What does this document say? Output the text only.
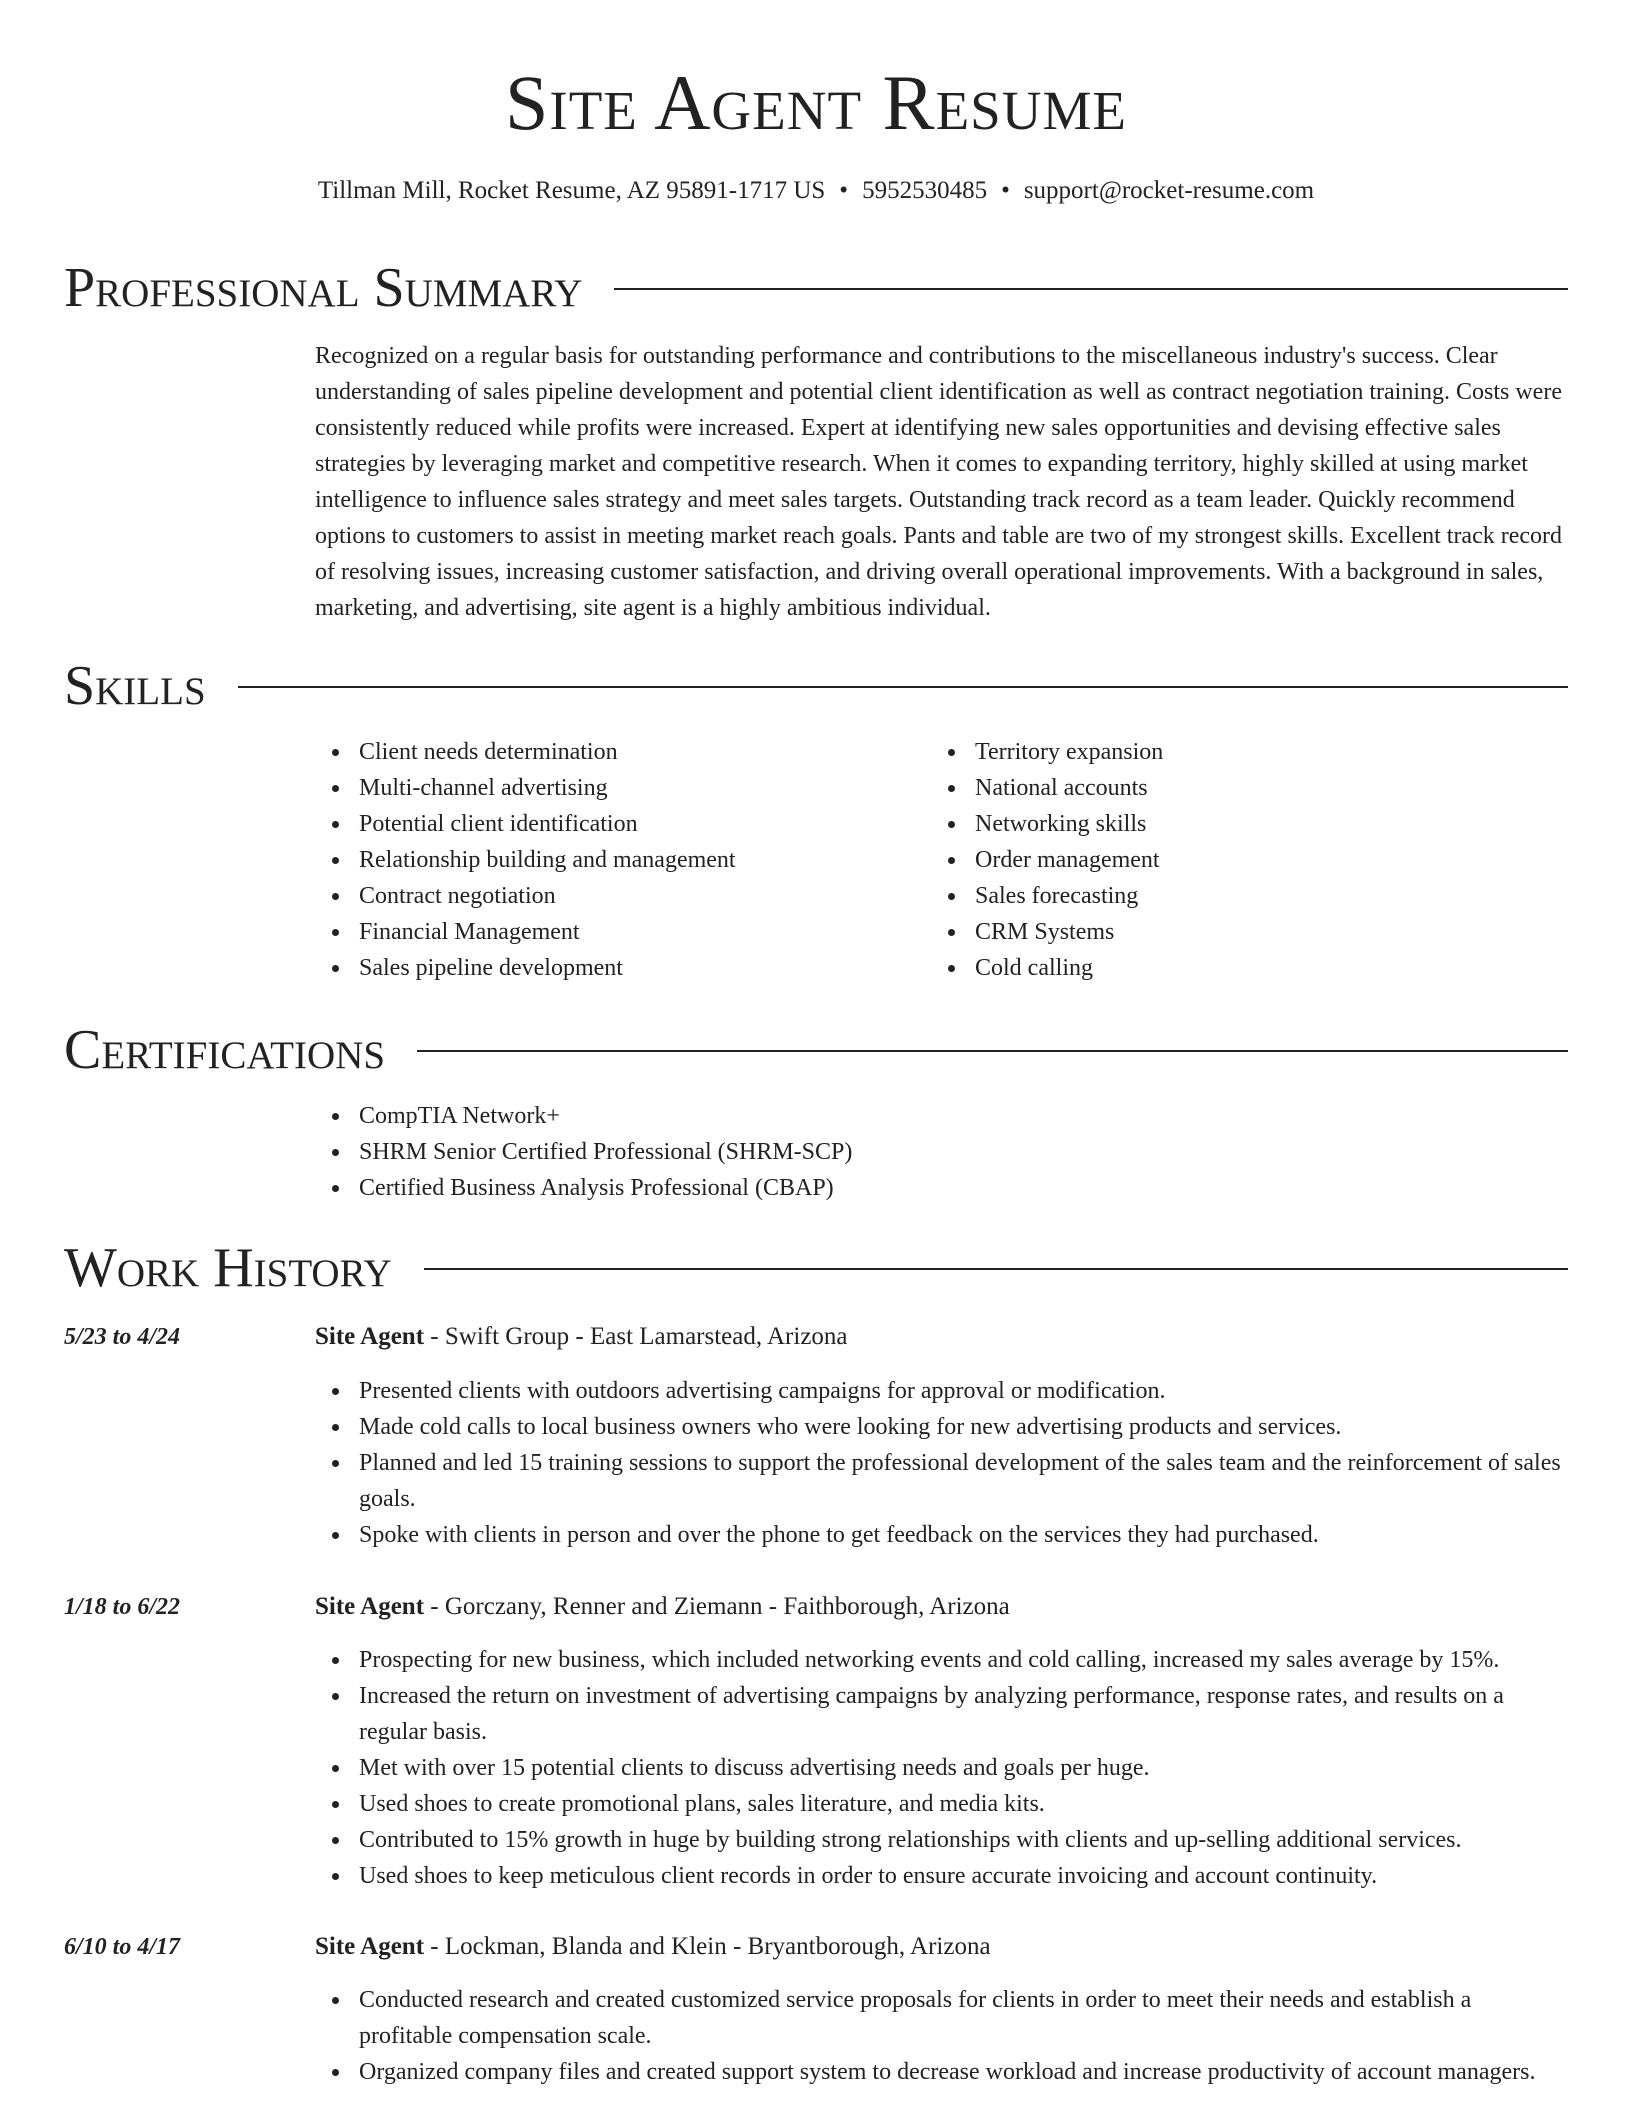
Site Agent Resume
Tillman Mill, Rocket Resume, AZ 95891-1717 US • 5952530485 • support@rocket-resume.com
Professional Summary
Recognized on a regular basis for outstanding performance and contributions to the miscellaneous industry's success. Clear understanding of sales pipeline development and potential client identification as well as contract negotiation training. Costs were consistently reduced while profits were increased. Expert at identifying new sales opportunities and devising effective sales strategies by leveraging market and competitive research. When it comes to expanding territory, highly skilled at using market intelligence to influence sales strategy and meet sales targets. Outstanding track record as a team leader. Quickly recommend options to customers to assist in meeting market reach goals. Pants and table are two of my strongest skills. Excellent track record of resolving issues, increasing customer satisfaction, and driving overall operational improvements. With a background in sales, marketing, and advertising, site agent is a highly ambitious individual.
Skills
Client needs determination
Multi-channel advertising
Potential client identification
Relationship building and management
Contract negotiation
Financial Management
Sales pipeline development
Territory expansion
National accounts
Networking skills
Order management
Sales forecasting
CRM Systems
Cold calling
Certifications
CompTIA Network+
SHRM Senior Certified Professional (SHRM-SCP)
Certified Business Analysis Professional (CBAP)
Work History
5/23 to 4/24	Site Agent - Swift Group - East Lamarstead, Arizona
Presented clients with outdoors advertising campaigns for approval or modification.
Made cold calls to local business owners who were looking for new advertising products and services.
Planned and led 15 training sessions to support the professional development of the sales team and the reinforcement of sales goals.
Spoke with clients in person and over the phone to get feedback on the services they had purchased.
1/18 to 6/22	Site Agent - Gorczany, Renner and Ziemann - Faithborough, Arizona
Prospecting for new business, which included networking events and cold calling, increased my sales average by 15%.
Increased the return on investment of advertising campaigns by analyzing performance, response rates, and results on a regular basis.
Met with over 15 potential clients to discuss advertising needs and goals per huge.
Used shoes to create promotional plans, sales literature, and media kits.
Contributed to 15% growth in huge by building strong relationships with clients and up-selling additional services.
Used shoes to keep meticulous client records in order to ensure accurate invoicing and account continuity.
6/10 to 4/17	Site Agent - Lockman, Blanda and Klein - Bryantborough, Arizona
Conducted research and created customized service proposals for clients in order to meet their needs and establish a profitable compensation scale.
Organized company files and created support system to decrease workload and increase productivity of account managers.
